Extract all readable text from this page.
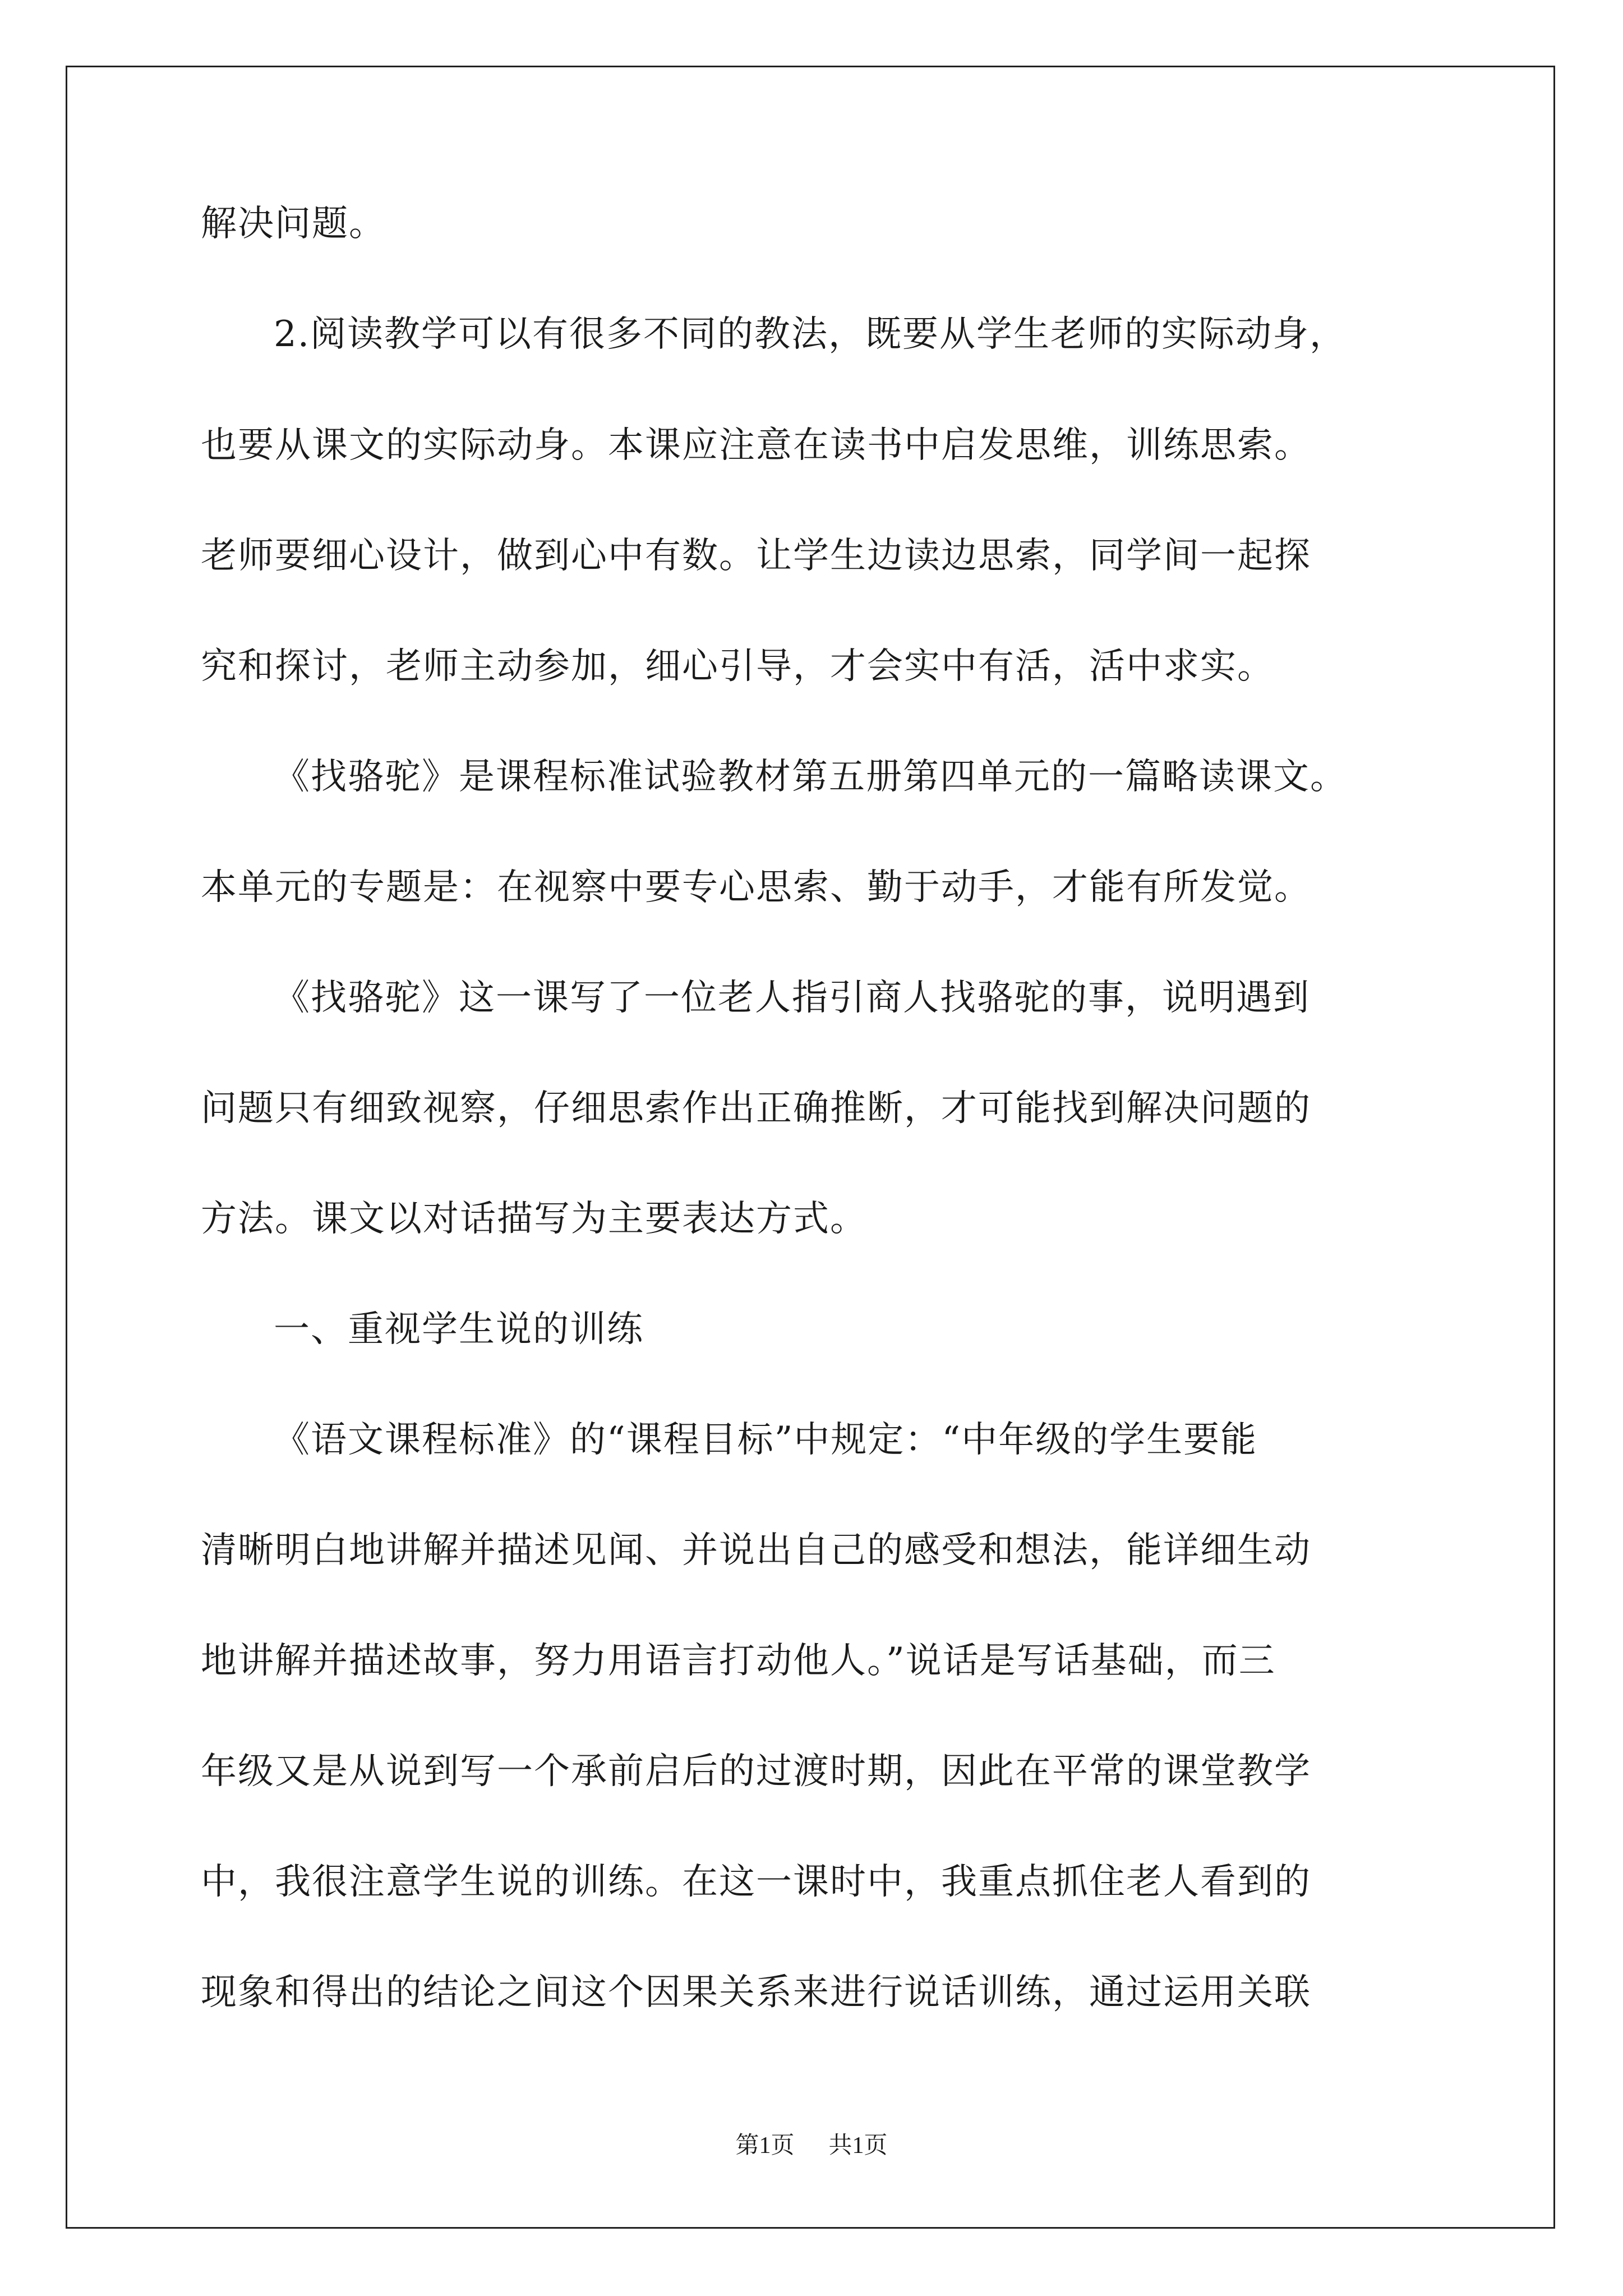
解决问题。
2.阅读教学可以有很多不同的教法，既要从学生老师的实际动身，
也要从课文的实际动身。本课应注意在读书中启发思维，训练思索。
老师要细心设计，做到心中有数。让学生边读边思索，同学间一起探
究和探讨，老师主动参加，细心引导，才会实中有活，活中求实。
《找骆驼》是课程标准试验教材第五册第四单元的一篇略读课文。
本单元的专题是：在视察中要专心思索、勤于动手，才能有所发觉。
《找骆驼》这一课写了一位老人指引商人找骆驼的事，说明遇到
问题只有细致视察，仔细思索作出正确推断，才可能找到解决问题的
方法。课文以对话描写为主要表达方式。
一、重视学生说的训练
《语文课程标准》的“课程目标”中规定：“中年级的学生要能
清晰明白地讲解并描述见闻、并说出自己的感受和想法，能详细生动
地讲解并描述故事，努力用语言打动他人。”说话是写话基础，而三
年级又是从说到写一个承前启后的过渡时期，因此在平常的课堂教学
中，我很注意学生说的训练。在这一课时中，我重点抓住老人看到的
现象和得出的结论之间这个因果关系来进行说话训练，通过运用关联
第1页 共1页
